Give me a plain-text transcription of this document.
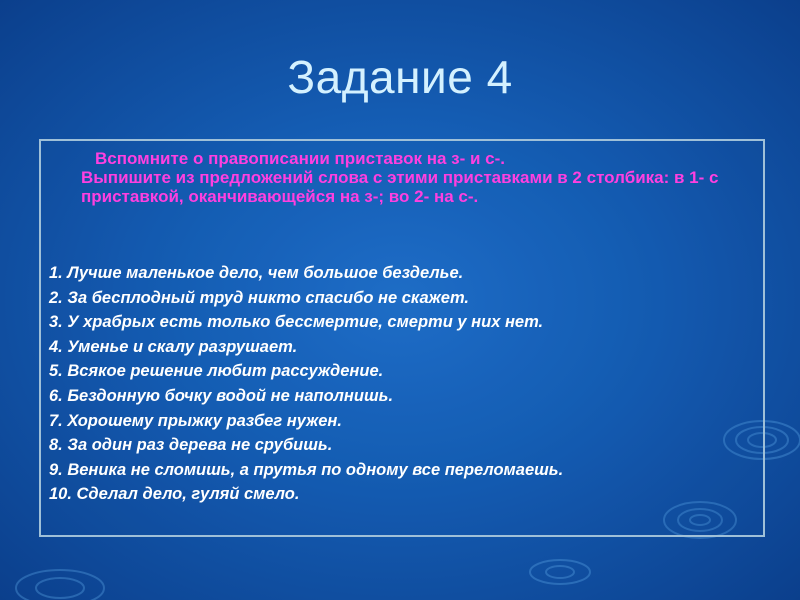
Задание 4
Вспомните о правописании приставок на з- и с-.
Выпишите из предложений слова с этими приставками в 2 столбика: в 1- с приставкой, оканчивающейся на з-; во 2- на с-.
1. Лучше маленькое дело, чем большое безделье.
2. За бесплодный труд никто спасибо не скажет.
3. У храбрых есть только бессмертие, смерти у них нет.
4. Уменье и скалу разрушает.
5. Всякое решение любит рассуждение.
6. Бездонную бочку водой не наполнишь.
7. Хорошему прыжку разбег нужен.
8. За один раз дерева не срубишь.
9. Веника не сломишь, а прутья по одному все переломаешь.
10. Сделал дело, гуляй смело.
